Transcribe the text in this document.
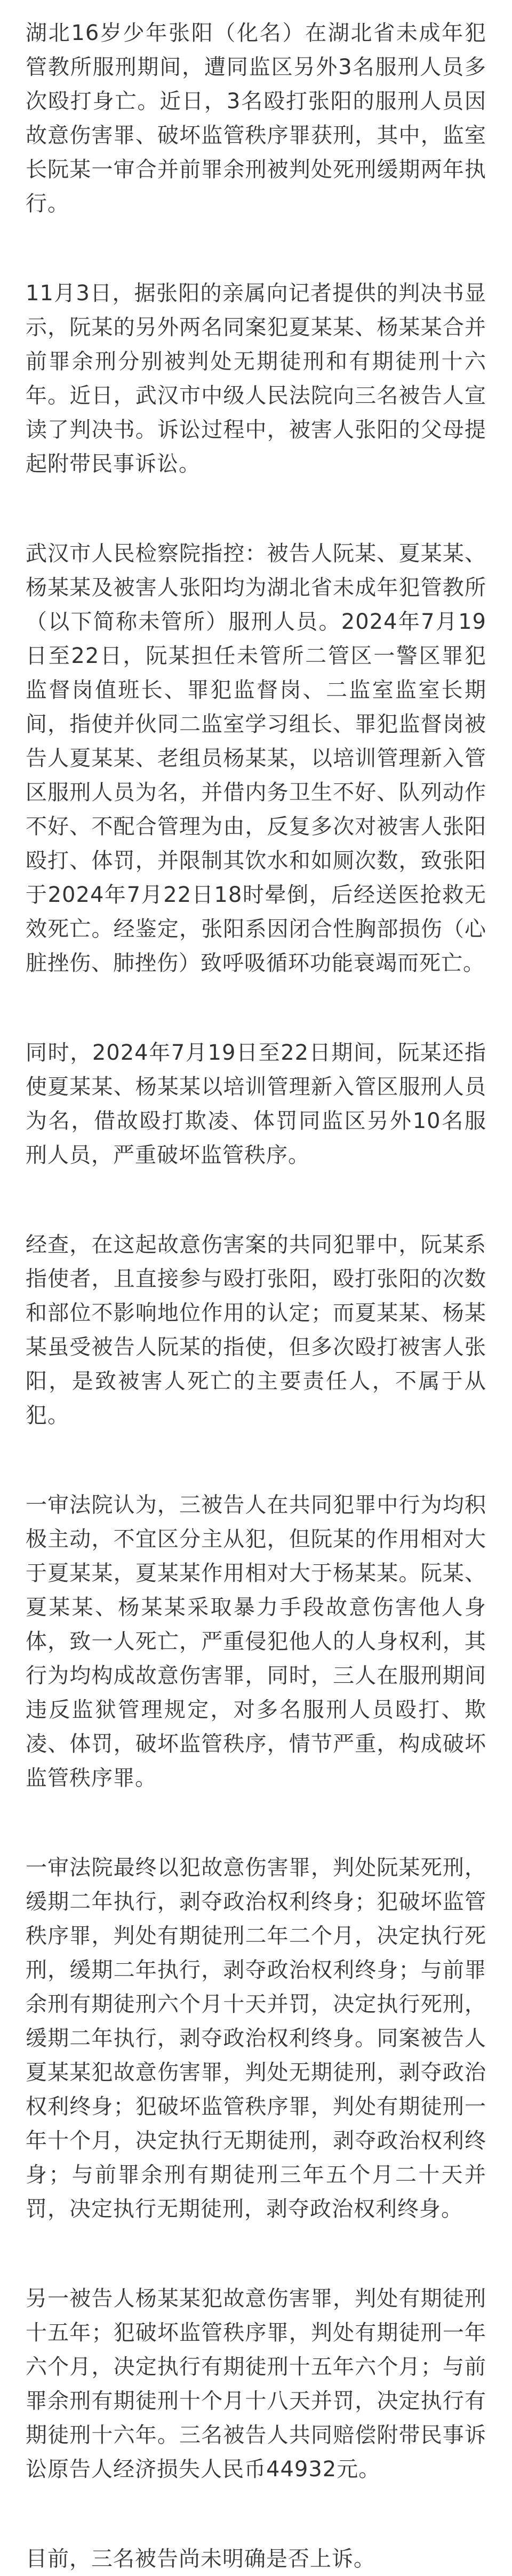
湖北16岁少年张阳（化名）在湖北省未成年犯管教所服刑期间，遭同监区另外3名服刑人员多次殴打身亡。近日，3名殴打张阳的服刑人员因故意伤害罪、破坏监管秩序罪获刑，其中，监室长阮某一审合并前罪余刑被判处死刑缓期两年执行。

11月3日，据张阳的亲属向记者提供的判决书显示，阮某的另外两名同案犯夏某某、杨某某合并前罪余刑分别被判处无期徒刑和有期徒刑十六年。近日，武汉市中级人民法院向三名被告人宣读了判决书。诉讼过程中，被害人张阳的父母提起附带民事诉讼。

武汉市人民检察院指控：被告人阮某、夏某某、杨某某及被害人张阳均为湖北省未成年犯管教所（以下简称未管所）服刑人员。2024年7月19日至22日，阮某担任未管所二管区一警区罪犯监督岗值班长、罪犯监督岗、二监室监室长期间，指使并伙同二监室学习组长、罪犯监督岗被告人夏某某、老组员杨某某，以培训管理新入管区服刑人员为名，并借内务卫生不好、队列动作不好、不配合管理为由，反复多次对被害人张阳殴打、体罚，并限制其饮水和如厕次数，致张阳于2024年7月22日18时晕倒，后经送医抢救无效死亡。经鉴定，张阳系因闭合性胸部损伤（心脏挫伤、肺挫伤）致呼吸循环功能衰竭而死亡。

同时，2024年7月19日至22日期间，阮某还指使夏某某、杨某某以培训管理新入管区服刑人员为名，借故殴打欺凌、体罚同监区另外10名服刑人员，严重破坏监管秩序。

经查，在这起故意伤害案的共同犯罪中，阮某系指使者，且直接参与殴打张阳，殴打张阳的次数和部位不影响地位作用的认定；而夏某某、杨某某虽受被告人阮某的指使，但多次殴打被害人张阳，是致被害人死亡的主要责任人，不属于从犯。

一审法院认为，三被告人在共同犯罪中行为均积极主动，不宜区分主从犯，但阮某的作用相对大于夏某某，夏某某作用相对大于杨某某。阮某、夏某某、杨某某采取暴力手段故意伤害他人身体，致一人死亡，严重侵犯他人的人身权利，其行为均构成故意伤害罪，同时，三人在服刑期间违反监狱管理规定，对多名服刑人员殴打、欺凌、体罚，破坏监管秩序，情节严重，构成破坏监管秩序罪。

一审法院最终以犯故意伤害罪，判处阮某死刑，缓期二年执行，剥夺政治权利终身；犯破坏监管秩序罪，判处有期徒刑二年二个月，决定执行死刑，缓期二年执行，剥夺政治权利终身；与前罪余刑有期徒刑六个月十天并罚，决定执行死刑，缓期二年执行，剥夺政治权利终身。同案被告人夏某某犯故意伤害罪，判处无期徒刑，剥夺政治权利终身；犯破坏监管秩序罪，判处有期徒刑一年十个月，决定执行无期徒刑，剥夺政治权利终身；与前罪余刑有期徒刑三年五个月二十天并罚，决定执行无期徒刑，剥夺政治权利终身。

另一被告人杨某某犯故意伤害罪，判处有期徒刑十五年；犯破坏监管秩序罪，判处有期徒刑一年六个月，决定执行有期徒刑十五年六个月；与前罪余刑有期徒刑十个月十八天并罚，决定执行有期徒刑十六年。三名被告人共同赔偿附带民事诉讼原告人经济损失人民币44932元。

目前，三名被告尚未明确是否上诉。
